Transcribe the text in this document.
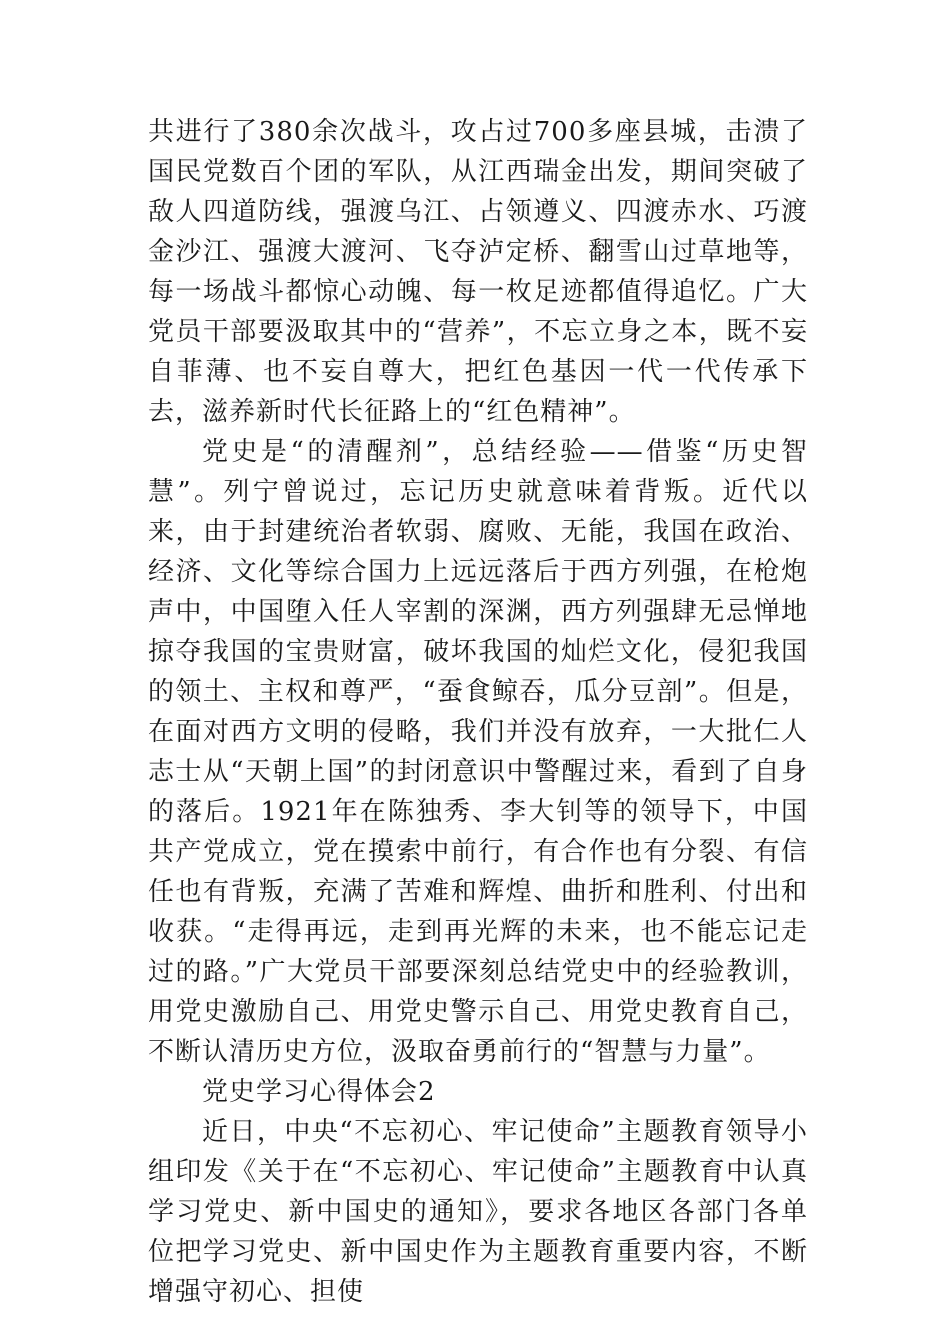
共进行了380余次战斗，攻占过700多座县城，击溃了国民党数百个团的军队，从江西瑞金出发，期间突破了敌人四道防线，强渡乌江、占领遵义、四渡赤水、巧渡金沙江、强渡大渡河、飞夺泸定桥、翻雪山过草地等，每一场战斗都惊心动魄、每一枚足迹都值得追忆。广大党员干部要汲取其中的“营养”，不忘立身之本，既不妄自菲薄、也不妄自尊大，把红色基因一代一代传承下去，滋养新时代长征路上的“红色精神”。

党史是“的清醒剂”，总结经验——借鉴“历史智慧”。列宁曾说过，忘记历史就意味着背叛。近代以来，由于封建统治者软弱、腐败、无能，我国在政治、经济、文化等综合国力上远远落后于西方列强，在枪炮声中，中国堕入任人宰割的深渊，西方列强肆无忌惮地掠夺我国的宝贵财富，破坏我国的灿烂文化，侵犯我国的领土、主权和尊严，“蚕食鲸吞，瓜分豆剖”。但是，在面对西方文明的侵略，我们并没有放弃，一大批仁人志士从“天朝上国”的封闭意识中警醒过来，看到了自身的落后。1921年在陈独秀、李大钊等的领导下，中国共产党成立，党在摸索中前行，有合作也有分裂、有信任也有背叛，充满了苦难和辉煌、曲折和胜利、付出和收获。“走得再远，走到再光辉的未来，也不能忘记走过的路。”广大党员干部要深刻总结党史中的经验教训，用党史激励自己、用党史警示自己、用党史教育自己，不断认清历史方位，汲取奋勇前行的“智慧与力量”。

党史学习心得体会2

近日，中央“不忘初心、牢记使命”主题教育领导小组印发《关于在“不忘初心、牢记使命”主题教育中认真学习党史、新中国史的通知》，要求各地区各部门各单位把学习党史、新中国史作为主题教育重要内容，不断增强守初心、担使
